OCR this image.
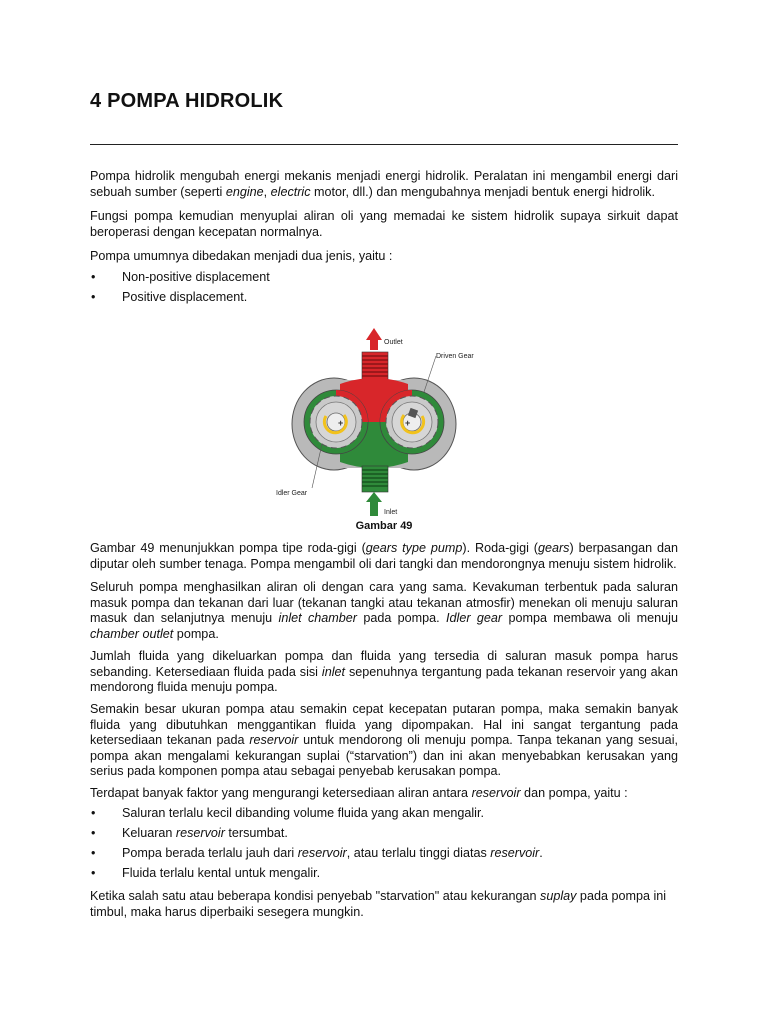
4 POMPA HIDROLIK

Pompa hidrolik mengubah energi mekanis menjadi energi hidrolik. Peralatan ini mengambil energi dari sebuah sumber (seperti engine, electric motor, dll.) dan mengubahnya menjadi bentuk energi hidrolik.

Fungsi pompa kemudian menyuplai aliran oli yang memadai ke sistem hidrolik supaya sirkuit dapat beroperasi dengan kecepatan normalnya.

Pompa umumnya dibedakan menjadi dua jenis, yaitu :

• Non-positive displacement
• Positive displacement.
Outlet
+	+
Driven Gear
Inlet
Idler Gear
Gambar 49

Gambar 49 menunjukkan pompa tipe roda-gigi (gears type pump). Roda-gigi (gears) berpasangan dan diputar oleh sumber tenaga. Pompa mengambil oli dari tangki dan mendorongnya menuju sistem hidrolik.

Seluruh pompa menghasilkan aliran oli dengan cara yang sama. Kevakuman terbentuk pada saluran masuk pompa dan tekanan dari luar (tekanan tangki atau tekanan atmosfir) menekan oli menuju saluran masuk dan selanjutnya menuju inlet chamber pada pompa. Idler gear pompa membawa oli menuju chamber outlet pompa.

Jumlah fluida yang dikeluarkan pompa dan fluida yang tersedia di saluran masuk pompa harus sebanding. Ketersediaan fluida pada sisi inlet sepenuhnya tergantung pada tekanan reservoir yang akan mendorong fluida menuju pompa.

Semakin besar ukuran pompa atau semakin cepat kecepatan putaran pompa, maka semakin banyak fluida yang dibutuhkan menggantikan fluida yang dipompakan. Hal ini sangat tergantung pada ketersediaan tekanan pada reservoir untuk mendorong oli menuju pompa. Tanpa tekanan yang sesuai, pompa akan mengalami kekurangan suplai (“starvation”) dan ini akan menyebabkan kerusakan yang serius pada komponen pompa atau sebagai penyebab kerusakan pompa.

Terdapat banyak faktor yang mengurangi ketersediaan aliran antara reservoir dan pompa, yaitu :

• Saluran terlalu kecil dibanding volume fluida yang akan mengalir.
• Keluaran reservoir tersumbat.
• Pompa berada terlalu jauh dari reservoir, atau terlalu tinggi diatas reservoir.
• Fluida terlalu kental untuk mengalir.

Ketika salah satu atau beberapa kondisi penyebab "starvation" atau kekurangan suplay pada pompa ini timbul, maka harus diperbaiki sesegera mungkin.
